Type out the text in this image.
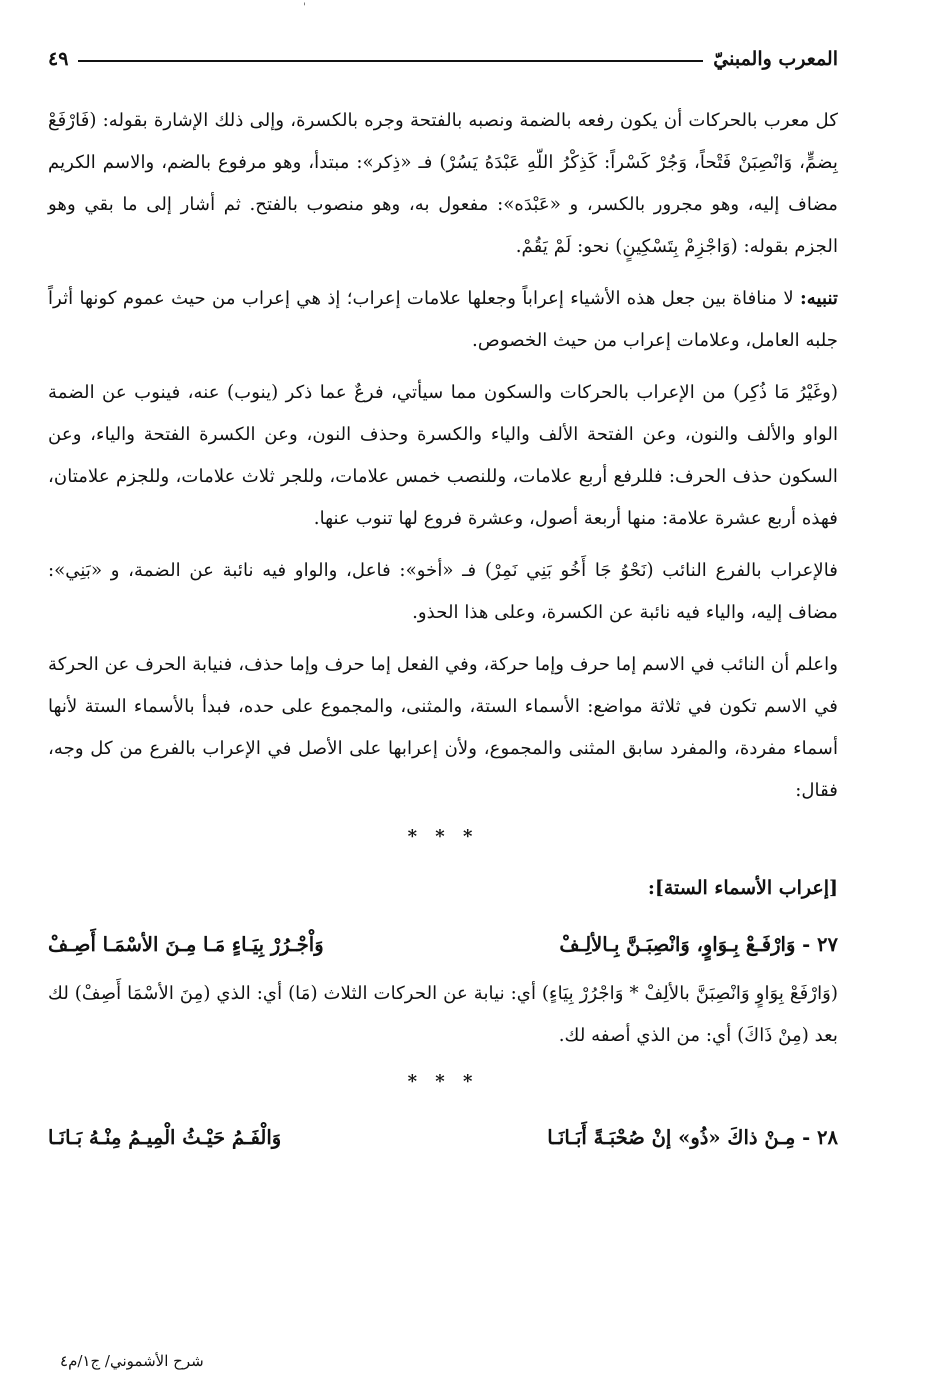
'
المعرب والمبنيّ
٤٩

كل معرب بالحركات أن يكون رفعه بالضمة ونصبه بالفتحة وجره بالكسرة، وإلى ذلك الإشارة بقوله: (فَارْفَعْ بِضمٍّ، وَانْصِبَنْ فَتْحاً، وَجُرْ كَسْراً: كَذِكْرُ اللّهِ عَبْدَهُ يَسُرْ) فـ «ذِكر»: مبتدأ، وهو مرفوع بالضم، والاسم الكريم مضاف إليه، وهو مجرور بالكسر، و «عَبْدَه»: مفعول به، وهو منصوب بالفتح. ثم أشار إلى ما بقي وهو الجزم بقوله: (وَاجْزِمْ بِتَسْكِينٍ) نحو: لَمْ يَقُمْ.

تنبيه: لا منافاة بين جعل هذه الأشياء إعراباً وجعلها علامات إعراب؛ إذ هي إعراب من حيث عموم كونها أثراً جلبه العامل، وعلامات إعراب من حيث الخصوص.

(وغَيْرُ مَا ذُكِر) من الإعراب بالحركات والسكون مما سيأتي، فرعٌ عما ذكر (ينوب) عنه، فينوب عن الضمة الواو والألف والنون، وعن الفتحة الألف والياء والكسرة وحذف النون، وعن الكسرة الفتحة والياء، وعن السكون حذف الحرف: فللرفع أربع علامات، وللنصب خمس علامات، وللجر ثلاث علامات، وللجزم علامتان، فهذه أربع عشرة علامة: منها أربعة أصول، وعشرة فروع لها تنوب عنها.

فالإعراب بالفرع النائب (نَحْوُ جَا أَخُو بَنِي نَمِرْ) فـ «أخو»: فاعل، والواو فيه نائبة عن الضمة، و «بَنِي»: مضاف إليه، والياء فيه نائبة عن الكسرة، وعلى هذا الحذو.

واعلم أن النائب في الاسم إما حرف وإما حركة، وفي الفعل إما حرف وإما حذف، فنيابة الحرف عن الحركة في الاسم تكون في ثلاثة مواضع: الأسماء الستة، والمثنى، والمجموع على حده، فبدأ بالأسماء الستة لأنها أسماء مفردة، والمفرد سابق المثنى والمجموع، ولأن إعرابها على الأصل في الإعراب بالفرع من كل وجه، فقال:

* * *
[إعراب الأسماء الستة]:
٢٧ - وَارْفَـعْ بِـوَاوٍ، وَانْصِبَـنَّ بِـالألِـفْ
وَاْجْـرُرْ بِيَـاءٍ مَـا مِـنَ الأسْمَـا أَصِـفْ

(وَارْفَعْ بِوَاوٍ وَانْصِبَنَّ بالألِفْ * وَاجْرُرْ بِيَاءٍ) أي: نيابة عن الحركات الثلاث (مَا) أي: الذي (مِنَ الأسْمَا أَصِفْ) لك بعد (مِنْ ذَاكَ) أي: من الذي أصفه لك.

* * *
٢٨ - مِـنْ ذاكَ «ذُو» إنْ صُحْبَـةً أَبَـانَـا
وَالْفَـمُ حَيْـثُ الْمِيـمُ مِنْـهُ بَـانَـا
شرح الأشموني/ ج١/م٤
